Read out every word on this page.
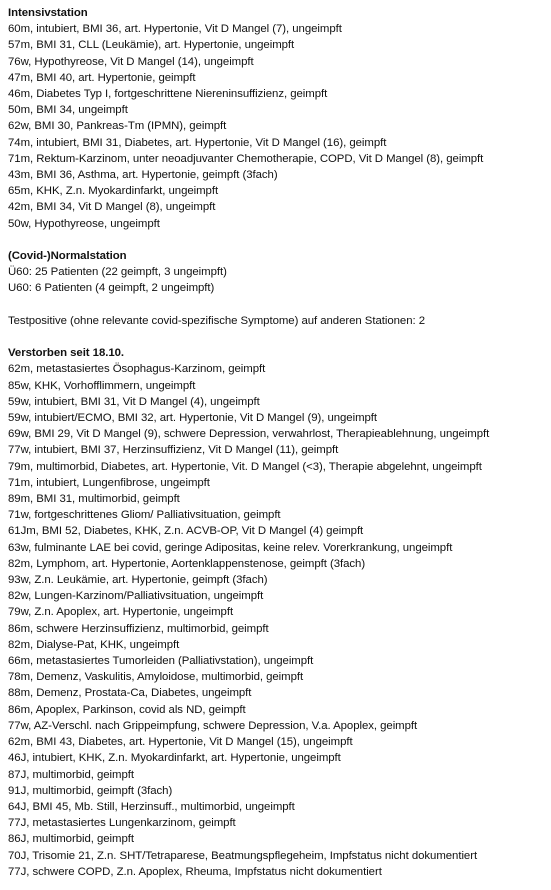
Intensivstation
60m, intubiert, BMI 36, art. Hypertonie, Vit D Mangel (7), ungeimpft
57m, BMI 31, CLL (Leukämie), art. Hypertonie, ungeimpft
76w, Hypothyreose, Vit D Mangel (14), ungeimpft
47m, BMI 40, art. Hypertonie, geimpft
46m, Diabetes Typ I, fortgeschrittene Niereninsuffizienz, geimpft
50m, BMI 34, ungeimpft
62w, BMI 30, Pankreas-Tm (IPMN), geimpft
74m, intubiert, BMI 31, Diabetes, art. Hypertonie, Vit D Mangel (16), geimpft
71m, Rektum-Karzinom, unter neoadjuvanter Chemotherapie, COPD, Vit D Mangel (8), geimpft
43m, BMI 36, Asthma, art. Hypertonie, geimpft (3fach)
65m, KHK, Z.n. Myokardinfarkt, ungeimpft
42m, BMI 34, Vit D Mangel (8), ungeimpft
50w, Hypothyreose, ungeimpft
(Covid-)Normalstation
Ü60: 25 Patienten (22 geimpft, 3 ungeimpft)
U60: 6 Patienten (4 geimpft, 2 ungeimpft)
Testpositive (ohne relevante covid-spezifische Symptome) auf anderen Stationen: 2
Verstorben seit 18.10.
62m, metastasiertes Ösophagus-Karzinom, geimpft
85w, KHK, Vorhofflimmern, ungeimpft
59w, intubiert, BMI 31, Vit D Mangel (4), ungeimpft
59w, intubiert/ECMO, BMI 32, art. Hypertonie, Vit D Mangel (9), ungeimpft
69w, BMI 29, Vit D Mangel (9), schwere Depression, verwahrlost, Therapieablehnung, ungeimpft
77w, intubiert, BMI 37, Herzinsuffizienz, Vit D Mangel (11), geimpft
79m, multimorbid, Diabetes, art. Hypertonie, Vit. D Mangel (<3), Therapie abgelehnt, ungeimpft
71m, intubiert, Lungenfibrose, ungeimpft
89m, BMI 31, multimorbid, geimpft
71w, fortgeschrittenes Gliom/ Palliativsituation, geimpft
61Jm, BMI 52, Diabetes, KHK, Z.n. ACVB-OP, Vit D Mangel (4) geimpft
63w, fulminante LAE bei covid, geringe Adipositas, keine relev. Vorerkrankung, ungeimpft
82m, Lymphom, art. Hypertonie, Aortenklappenstenose, geimpft (3fach)
93w, Z.n. Leukämie, art. Hypertonie, geimpft (3fach)
82w, Lungen-Karzinom/Palliativsituation, ungeimpft
79w, Z.n. Apoplex, art. Hypertonie, ungeimpft
86m, schwere Herzinsuffizienz, multimorbid, geimpft
82m, Dialyse-Pat, KHK, ungeimpft
66m, metastasiertes Tumorleiden (Palliativstation), ungeimpft
78m, Demenz, Vaskulitis, Amyloidose, multimorbid, geimpft
88m, Demenz, Prostata-Ca, Diabetes, ungeimpft
86m, Apoplex, Parkinson, covid als ND, geimpft
77w, AZ-Verschl. nach Grippeimpfung, schwere Depression, V.a. Apoplex, geimpft
62m, BMI 43, Diabetes, art. Hypertonie, Vit D Mangel (15), ungeimpft
46J, intubiert, KHK, Z.n. Myokardinfarkt, art. Hypertonie, ungeimpft
87J, multimorbid, geimpft
91J, multimorbid, geimpft (3fach)
64J, BMI 45, Mb. Still, Herzinsuff., multimorbid, ungeimpft
77J, metastasiertes Lungenkarzinom, geimpft
86J, multimorbid, geimpft
70J, Trisomie 21, Z.n. SHT/Tetraparese, Beatmungspflegeheim, Impfstatus nicht dokumentiert
77J, schwere COPD, Z.n. Apoplex, Rheuma, Impfstatus nicht dokumentiert
